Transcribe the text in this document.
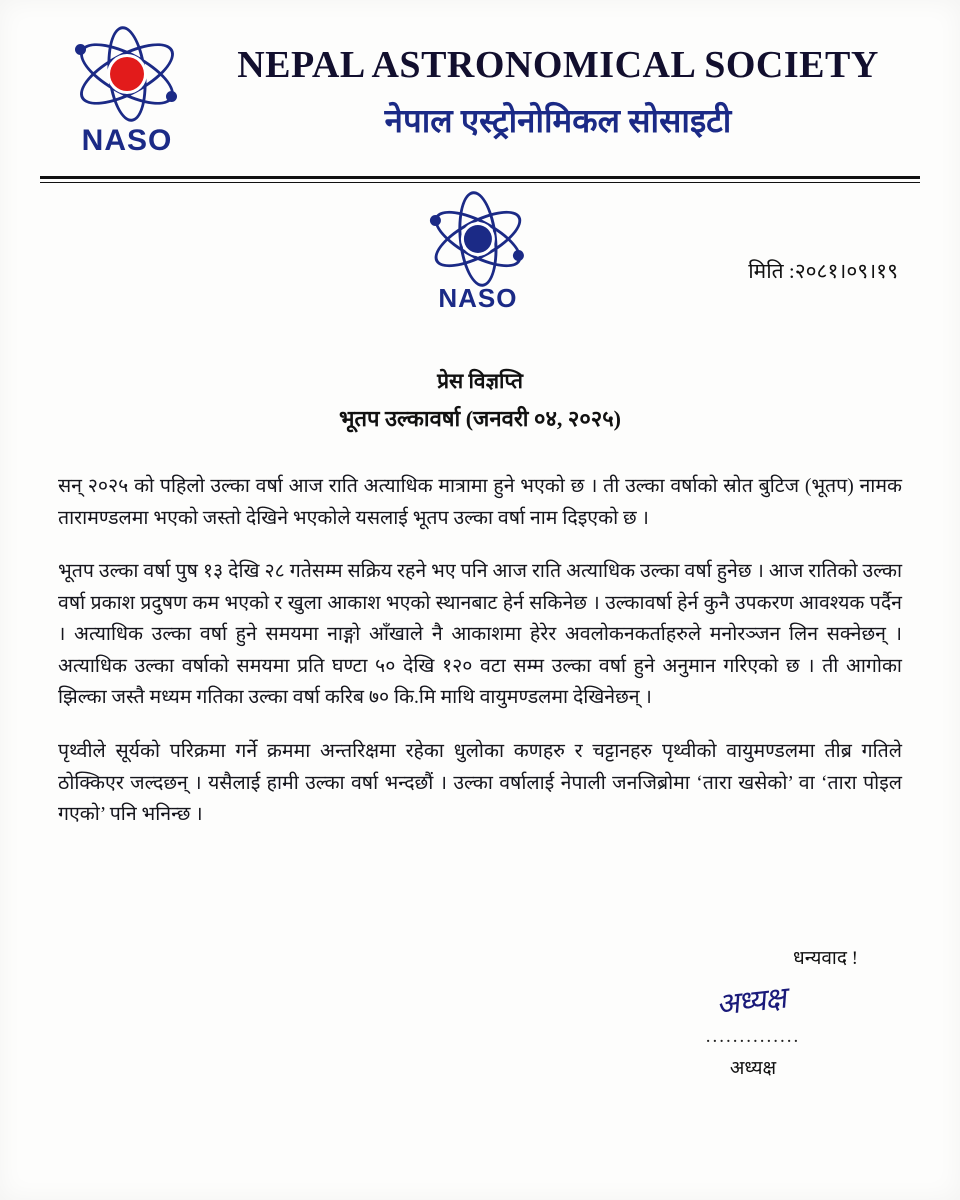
NASO
NEPAL ASTRONOMICAL SOCIETY
नेपाल एस्ट्रोनोमिकल सोसाइटी
NASO
मिति :२०८१।०९।१९
प्रेस विज्ञप्ति
भूतप उल्कावर्षा (जनवरी ०४, २०२५)

सन् २०२५ को पहिलो उल्का वर्षा आज राति अत्याधिक मात्रामा हुने भएको छ । ती उल्का वर्षाको स्रोत बुटिज (भूतप) नामक तारामण्डलमा भएको जस्तो देखिने भएकोले यसलाई भूतप उल्का वर्षा नाम दिइएको छ ।

भूतप उल्का वर्षा पुष १३ देखि २८ गतेसम्म सक्रिय रहने भए पनि आज राति अत्याधिक उल्का वर्षा हुनेछ । आज रातिको उल्का वर्षा प्रकाश प्रदुषण कम भएको र खुला आकाश भएको स्थानबाट हेर्न सकिनेछ । उल्कावर्षा हेर्न कुनै उपकरण आवश्यक पर्दैन । अत्याधिक उल्का वर्षा हुने समयमा नाङ्गो आँखाले नै आकाशमा हेरेर अवलोकनकर्ताहरुले मनोरञ्जन लिन सक्नेछन् । अत्याधिक उल्का वर्षाको समयमा प्रति घण्टा ५० देखि १२० वटा सम्म उल्का वर्षा हुने अनुमान गरिएको छ । ती आगोका झिल्का जस्तै मध्यम गतिका उल्का वर्षा करिब ७० कि.मि माथि वायुमण्डलमा देखिनेछन् ।

पृथ्वीले सूर्यको परिक्रमा गर्ने क्रममा अन्तरिक्षमा रहेका धुलोका कणहरु र चट्टानहरु पृथ्वीको वायुमण्डलमा तीब्र गतिले ठोक्किएर जल्दछन् । यसैलाई हामी उल्का वर्षा भन्दछौं । उल्का वर्षालाई नेपाली जनजिब्रोमा ‘तारा खसेको’ वा ‘तारा पोइल गएको’ पनि भनिन्छ ।

धन्यवाद !
अध्यक्ष
..............
अध्यक्ष
